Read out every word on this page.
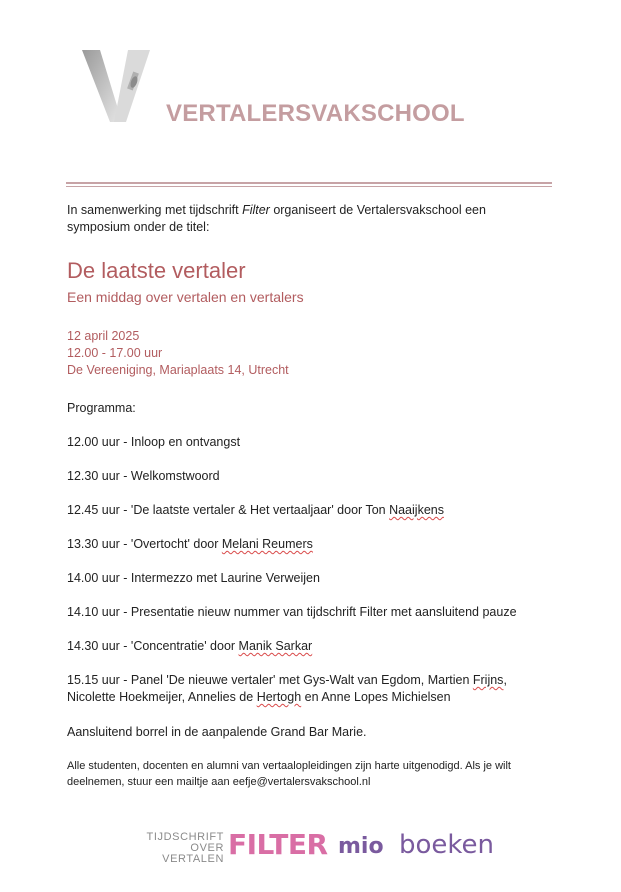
VERTALERSVAKSCHOOL
In samenwerking met tijdschrift Filter organiseert de Vertalersvakschool een symposium onder de titel:
De laatste vertaler
Een middag over vertalen en vertalers
12 april 2025
12.00 - 17.00 uur
De Vereeniging, Mariaplaats 14, Utrecht
Programma:
12.00 uur - Inloop en ontvangst
12.30 uur - Welkomstwoord
12.45 uur - 'De laatste vertaler & Het vertaaljaar' door Ton Naaijkens
13.30 uur - 'Overtocht' door Melani Reumers
14.00 uur - Intermezzo met Laurine Verweijen
14.10 uur - Presentatie nieuw nummer van tijdschrift Filter met aansluitend pauze
14.30 uur - 'Concentratie' door Manik Sarkar
15.15 uur - Panel 'De nieuwe vertaler' met Gys-Walt van Egdom, Martien Frijns, Nicolette Hoekmeijer, Annelies de Hertogh en Anne Lopes Michielsen
Aansluitend borrel in de aanpalende Grand Bar Marie.
Alle studenten, docenten en alumni van vertaalopleidingen zijn harte uitgenodigd. Als je wilt deelnemen, stuur een mailtje aan eefje@vertalersvakschool.nl
TIJDSCHRIFT
OVER VERTALEN FILTER mio boeken
